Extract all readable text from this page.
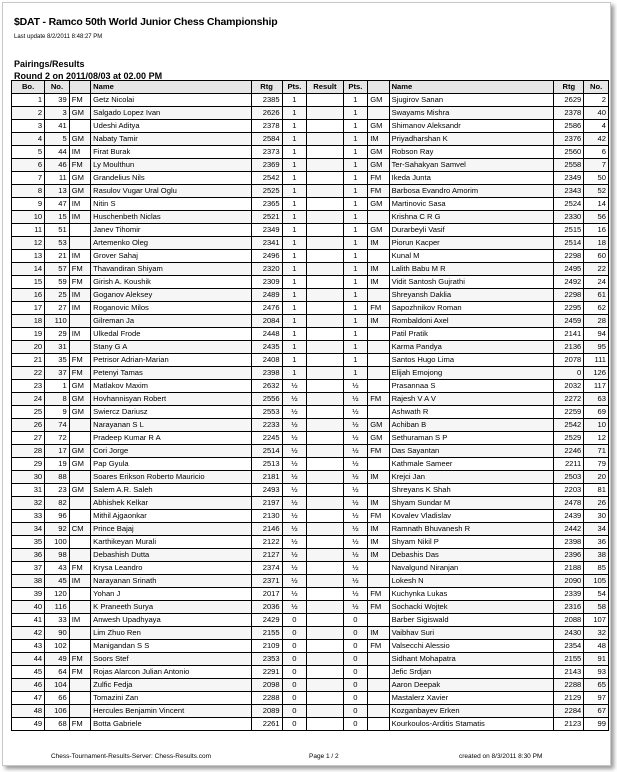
$DAT - Ramco 50th World Junior Chess Championship
Last update 8/2/2011 8:48:27 PM
Pairings/Results
Round 2 on 2011/08/03 at 02.00 PM
Bo.	No.		Name	Rtg	Pts.	Result	Pts.		Name	Rtg	No.
1	39	FM	Getz Nicolai	2385	1		1	GM	Sjugirov Sanan	2629	2
2	3	GM	Salgado Lopez Ivan	2626	1		1		Swayams Mishra	2378	40
3	41		Udeshi Aditya	2378	1		1	GM	Shimanov Aleksandr	2586	4
4	5	GM	Nabaty Tamir	2584	1		1	IM	Priyadharshan K	2376	42
5	44	IM	Firat Burak	2373	1		1	GM	Robson Ray	2560	6
6	46	FM	Ly Moulthun	2369	1		1	GM	Ter-Sahakyan Samvel	2558	7
7	11	GM	Grandelius Nils	2542	1		1	FM	Ikeda Junta	2349	50
8	13	GM	Rasulov Vugar Ural Oglu	2525	1		1	FM	Barbosa Evandro Amorim	2343	52
9	47	IM	Nitin S	2365	1		1	GM	Martinovic Sasa	2524	14
10	15	IM	Huschenbeth Niclas	2521	1		1		Krishna C R G	2330	56
11	51		Janev Tihomir	2349	1		1	GM	Durarbeyli Vasif	2515	16
12	53		Artemenko Oleg	2341	1		1	IM	Piorun Kacper	2514	18
13	21	IM	Grover Sahaj	2496	1		1		Kunal M	2298	60
14	57	FM	Thavandiran Shiyam	2320	1		1	IM	Lalith Babu M R	2495	22
15	59	FM	Girish A. Koushik	2309	1		1	IM	Vidit Santosh Gujrathi	2492	24
16	25	IM	Goganov Aleksey	2489	1		1		Shreyansh Daklia	2298	61
17	27	IM	Roganovic Milos	2476	1		1	FM	Sapozhnikov Roman	2295	62
18	110		Gilreman Ja	2084	1		1	IM	Rombaldoni Axel	2459	28
19	29	IM	Ulkedal Frode	2448	1		1		Patil Pratik	2141	94
20	31		Stany G A	2435	1		1		Karma Pandya	2136	95
21	35	FM	Petrisor Adrian-Marian	2408	1		1		Santos Hugo Lima	2078	111
22	37	FM	Petenyi Tamas	2398	1		1		Elijah Emojong	0	126
23	1	GM	Matlakov Maxim	2632	½		½		Prasannaa S	2032	117
24	8	GM	Hovhannisyan Robert	2556	½		½	FM	Rajesh V A V	2272	63
25	9	GM	Swiercz Dariusz	2553	½		½		Ashwath R	2259	69
26	74		Narayanan S L	2233	½		½	GM	Achiban B	2542	10
27	72		Pradeep Kumar R A	2245	½		½	GM	Sethuraman S P	2529	12
28	17	GM	Cori Jorge	2514	½		½	FM	Das Sayantan	2246	71
29	19	GM	Pap Gyula	2513	½		½		Kathmale Sameer	2211	79
30	88		Soares Erikson Roberto Mauricio	2181	½		½	IM	Krejci Jan	2503	20
31	23	GM	Salem A.R. Saleh	2493	½		½		Shreyans K Shah	2203	81
32	82		Abhishek Kelkar	2197	½		½	IM	Shyam Sundar M	2478	26
33	96		Mithil Ajgaonkar	2130	½		½	FM	Kovalev Vladislav	2439	30
34	92	CM	Prince Bajaj	2146	½		½	IM	Ramnath Bhuvanesh R	2442	34
35	100		Karthikeyan Murali	2122	½		½	IM	Shyam Nikil P	2398	36
36	98		Debashish Dutta	2127	½		½	IM	Debashis Das	2396	38
37	43	FM	Krysa Leandro	2374	½		½		Navalgund Niranjan	2188	85
38	45	IM	Narayanan Srinath	2371	½		½		Lokesh N	2090	105
39	120		Yohan J	2017	½		½	FM	Kuchynka Lukas	2339	54
40	116		K Praneeth Surya	2036	½		½	FM	Sochacki Wojtek	2316	58
41	33	IM	Anwesh Upadhyaya	2429	0		0		Barber Sigiswald	2088	107
42	90		Lim Zhuo Ren	2155	0		0	IM	Vaibhav Suri	2430	32
43	102		Manigandan S S	2109	0		0	FM	Valsecchi Alessio	2354	48
44	49	FM	Soors Stef	2353	0		0		Sidhant Mohapatra	2155	91
45	64	FM	Rojas Alarcon Julian Antonio	2291	0		0		Jefic Srdjan	2143	93
46	104		Zulfic Fedja	2098	0		0		Aaron Deepak	2288	65
47	66		Tomazini Zan	2288	0		0		Mastalerz Xavier	2129	97
48	106		Hercules Benjamin Vincent	2089	0		0		Kozganbayev Erken	2284	67
49	68	FM	Botta Gabriele	2261	0		0		Kourkoulos-Arditis Stamatis	2123	99
Chess-Tournament-Results-Server: Chess-Results.com	Page 1 / 2	created on 8/3/2011 8:30 PM
